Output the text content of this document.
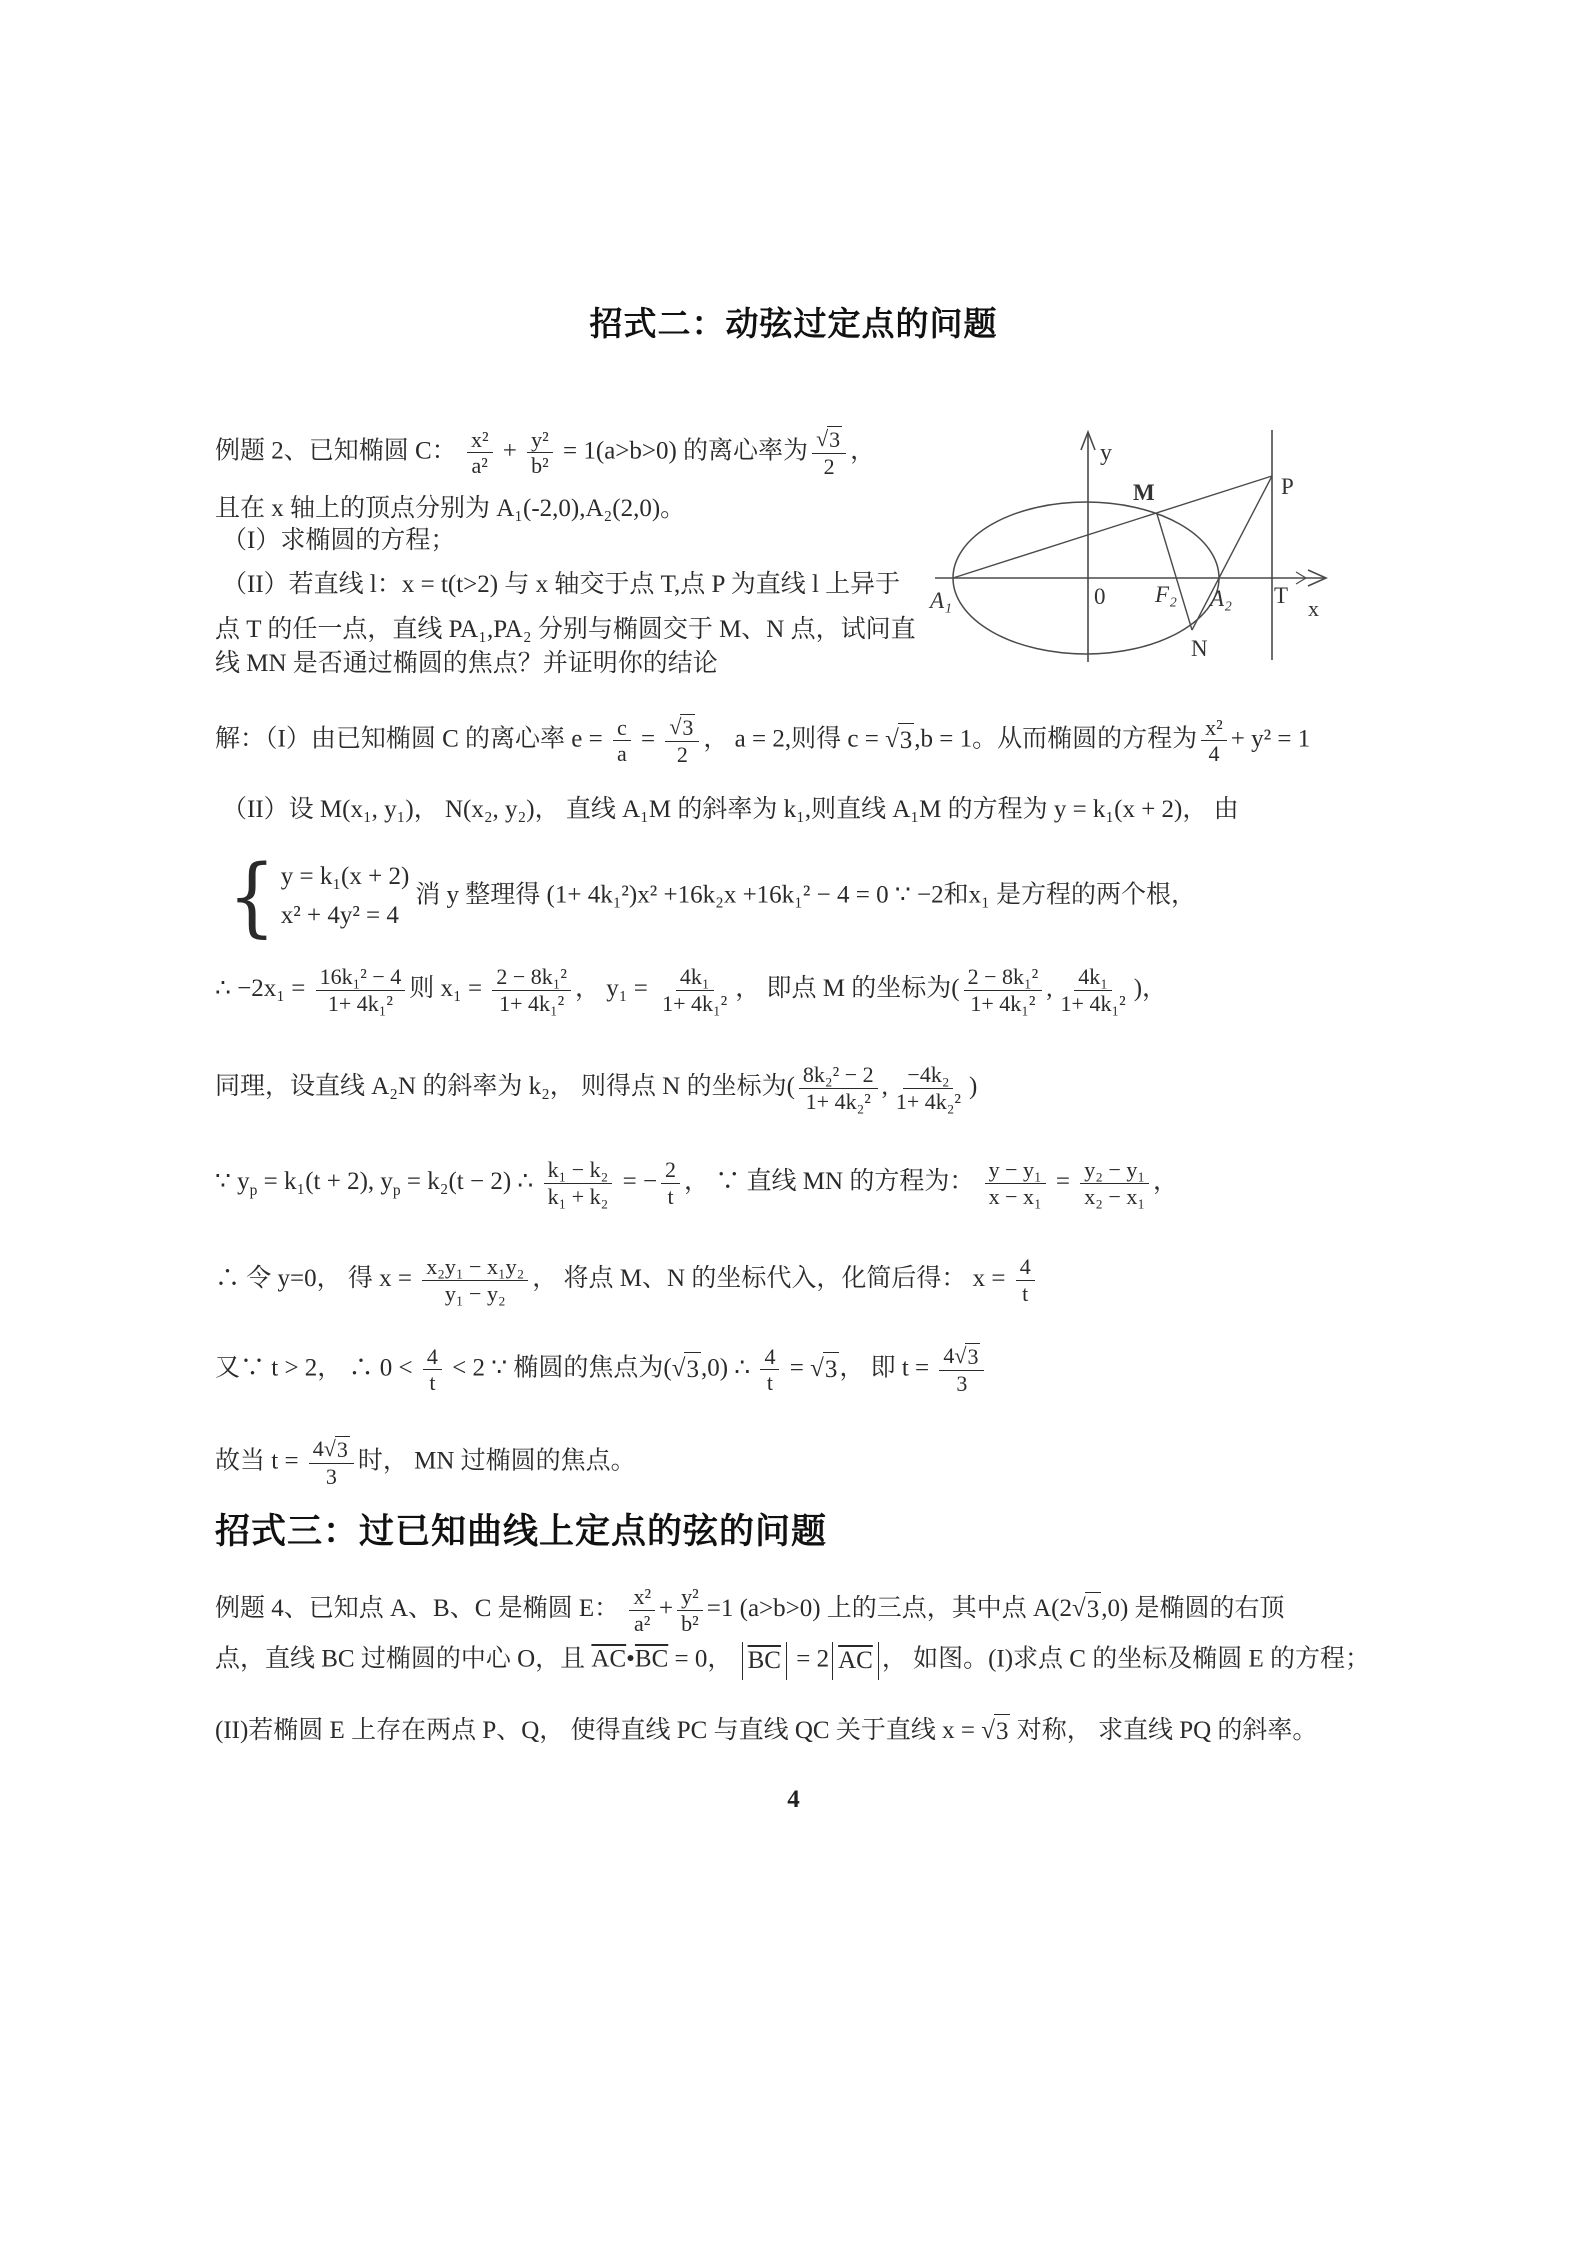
招式二：动弦过定点的问题
例题 2、已知椭圆 C： $\frac{\text{x²}}{\text{a²}} + \frac{\text{y²}}{\text{b²}} = 1(a>b>0)$ 的离心率为 $\frac{√ 3}{2}$ ，
且在 x 轴上的顶点分别为 A₁(-2,0),A₂(2,0)。
（I）求椭圆的方程；
（II）若直线 l：x = t(t>2) 与 x 轴交于点 T,点 P 为直线 l 上异于
点 T 的任一点，直线 PA₁,PA₂ 分别与椭圆交于 M、N 点，试问直
线 MN 是否通过椭圆的焦点？并证明你的结论
y
x
0
A₁	A₂
F₂	T
P
M
N
解：（I）由已知椭圆 C 的离心率 $e = \frac{c}{a} = \frac{√ 3}{2}$ ， a = 2,则得 c = √ 3 ,b = 1。从而椭圆的方程为 $\frac{\text{x²}}{4} + y^2 = 1$
（II）设 M(x₁, y₁)， N(x₂, y₂)， 直线 A₁M 的斜率为 k₁,则直线 A₁M 的方程为 y = k₁(x + 2)， 由
{ y = k₁(x + 2)
x² + 4y² = 4
消 y 整理得 (1+ 4k₁²)x² +16k₂x +16k₁² − 4 = 0 ∵ −2和x₁ 是方程的两个根，
∴ $-2x_1 = \frac{\text{16k₁² − 4}}{\text{1+ 4k₁²}}$ 则 $x_1 = \frac{\text{2 − 8k₁²}}{\text{1+ 4k₁²}}$ ， $y_1 = \frac{\text{4k₁}}{\text{1+ 4k₁²}}$ ， 即点 M 的坐标为( $\frac{\text{2 − 8k₁²}}{\text{1+ 4k₁²}}$ , $\frac{\text{4k₁}}{\text{1+ 4k₁²}}$ )，
同理，设直线 A₂N 的斜率为 k₂， 则得点 N 的坐标为( $\frac{\text{8k₂² − 2}}{\text{1+ 4k₂²}}$ , $\frac{\text{−4k₂}}{\text{1+ 4k₂²}}$ )
∵ $y_p = k_1(t + 2)$, $y_p = k_2(t - 2)$ ∴ $\frac{\text{k₁ − k₂}}{\text{k₁ + k₂}}$ = − $\frac{2}{t}$ ， ∵ 直线 MN 的方程为： $\frac{\text{y − y₁}}{\text{x − x₁}} = \frac{\text{y₂ − y₁}}{\text{x₂ − x₁}}$ ，
∴ 令 y=0， 得 $x = \frac{\text{x₂y₁ − x₁y₂}}{\text{y₁ − y₂}}$ ， 将点 M、N 的坐标代入，化简后得： $x = \frac{4}{t}$
又∵ t > 2， ∴ $0 < \frac{4}{t} < 2$ ∵ 椭圆的焦点为( √ 3 ,0) ∴ $\frac{4}{t}$ = √ 3 ， 即 $t = \frac{4 √ 3}{3}$
故当 $t = \frac{4 √ 3}{3}$ 时， MN 过椭圆的焦点。
招式三：过已知曲线上定点的弦的问题
例题 4、已知点 A、B、C 是椭圆 E： $\frac{\text{x²}}{\text{a²}} + \frac{\text{y²}}{\text{b²}} =1$ (a>b>0) 上的三点，其中点 A(2 √ 3 ,0) 是椭圆的右顶
点，直线 BC 过椭圆的中心 O，且 $\overline{AC}•\overline{BC} = 0$， $\overline{BC} = 2$ $\overline{AC}$ ， 如图。(I)求点 C 的坐标及椭圆 E 的方程；
(II)若椭圆 E 上存在两点 P、Q， 使得直线 PC 与直线 QC 关于直线 x = √ 3 对称， 求直线 PQ 的斜率。
4
